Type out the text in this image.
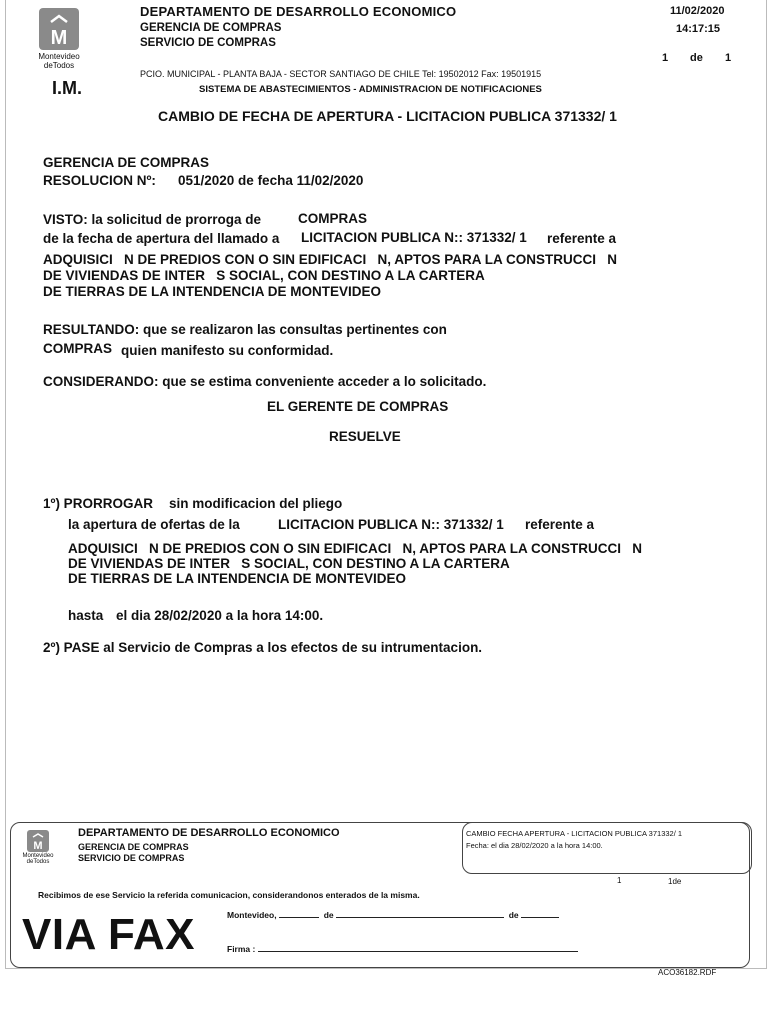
M
Montevideo
deTodos
I.M.
DEPARTAMENTO DE DESARROLLO ECONOMICO
GERENCIA DE COMPRAS
SERVICIO DE COMPRAS
11/02/2020
14:17:15
1 de 1
PCIO. MUNICIPAL - PLANTA BAJA - SECTOR SANTIAGO DE CHILE Tel: 19502012 Fax: 19501915
SISTEMA DE ABASTECIMIENTOS - ADMINISTRACION DE NOTIFICACIONES
CAMBIO DE FECHA DE APERTURA - LICITACION PUBLICA 371332/ 1
GERENCIA DE COMPRAS
RESOLUCION Nº: 051/2020 de fecha 11/02/2020
VISTO: la solicitud de prorroga de	COMPRAS
de la fecha de apertura del llamado a LICITACION PUBLICA N:: 371332/ 1 referente a
ADQUISICI   N DE PREDIOS CON O SIN EDIFICACI   N, APTOS PARA LA CONSTRUCCI   N
DE VIVIENDAS DE INTER   S SOCIAL, CON DESTINO A LA CARTERA
DE TIERRAS DE LA INTENDENCIA DE MONTEVIDEO
RESULTANDO: que se realizaron las consultas pertinentes con
COMPRAS quien manifesto su conformidad.
CONSIDERANDO: que se estima conveniente acceder a lo solicitado.
EL GERENTE DE COMPRAS
RESUELVE
1º) PRORROGAR sin modificacion del pliego
la apertura de ofertas de la	LICITACION PUBLICA N:: 371332/ 1 referente a
ADQUISICI   N DE PREDIOS CON O SIN EDIFICACI   N, APTOS PARA LA CONSTRUCCI   N
DE VIVIENDAS DE INTER   S SOCIAL, CON DESTINO A LA CARTERA
DE TIERRAS DE LA INTENDENCIA DE MONTEVIDEO
hasta el dia 28/02/2020 a la hora 14:00.
2º) PASE al Servicio de Compras a los efectos de su intrumentacion.
M
Montevideo
deTodos
DEPARTAMENTO DE DESARROLLO ECONOMICO
GERENCIA DE COMPRAS
SERVICIO DE COMPRAS
CAMBIO FECHA APERTURA - LICITACION PUBLICA 371332/ 1
Fecha: el dia 28/02/2020 a la hora 14:00.
1	1de
Recibimos de ese Servicio la referida comunicacion, considerandonos enterados de la misma.
Montevideo,	de	de
VIA FAX	Firma :
ACO36182.RDF
